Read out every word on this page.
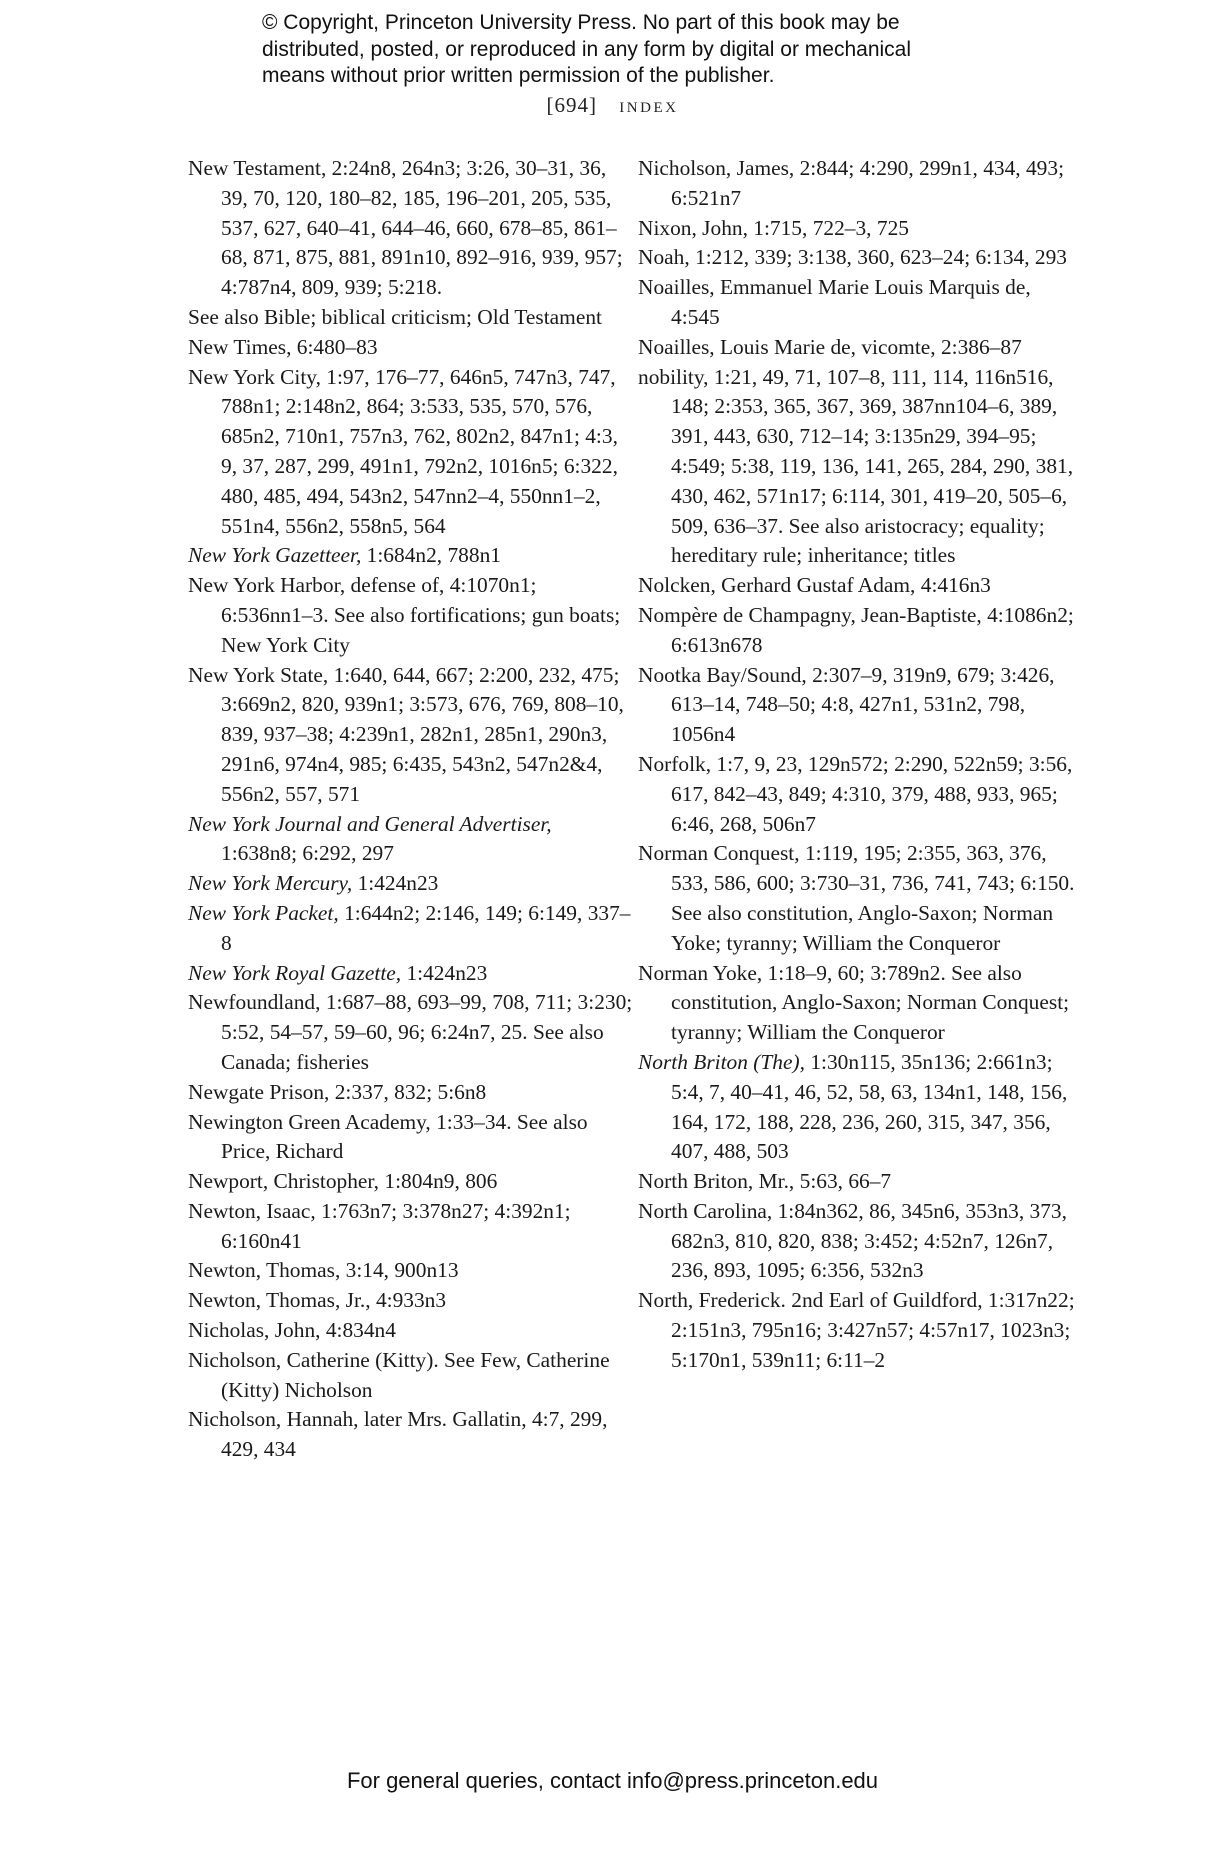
© Copyright, Princeton University Press. No part of this book may be
distributed, posted, or reproduced in any form by digital or mechanical
means without prior written permission of the publisher.
[694] index
New Testament, 2:24n8, 264n3; 3:26, 30–31, 36, 39, 70, 120, 180–82, 185, 196–201, 205, 535, 537, 627, 640–41, 644–46, 660, 678–85, 861–68, 871, 875, 881, 891n10, 892–916, 939, 957; 4:787n4, 809, 939; 5:218.
See also Bible; biblical criticism; Old Testament
New Times, 6:480–83
New York City, 1:97, 176–77, 646n5, 747n3, 747, 788n1; 2:148n2, 864; 3:533, 535, 570, 576, 685n2, 710n1, 757n3, 762, 802n2, 847n1; 4:3, 9, 37, 287, 299, 491n1, 792n2, 1016n5; 6:322, 480, 485, 494, 543n2, 547nn2–4, 550nn1–2, 551n4, 556n2, 558n5, 564
New York Gazetteer, 1:684n2, 788n1
New York Harbor, defense of, 4:1070n1; 6:536nn1–3. See also fortifications; gun boats; New York City
New York State, 1:640, 644, 667; 2:200, 232, 475; 3:669n2, 820, 939n1; 3:573, 676, 769, 808–10, 839, 937–38; 4:239n1, 282n1, 285n1, 290n3, 291n6, 974n4, 985; 6:435, 543n2, 547n2&4, 556n2, 557, 571
New York Journal and General Advertiser, 1:638n8; 6:292, 297
New York Mercury, 1:424n23
New York Packet, 1:644n2; 2:146, 149; 6:149, 337–8
New York Royal Gazette, 1:424n23
Newfoundland, 1:687–88, 693–99, 708, 711; 3:230; 5:52, 54–57, 59–60, 96; 6:24n7, 25. See also Canada; fisheries
Newgate Prison, 2:337, 832; 5:6n8
Newington Green Academy, 1:33–34. See also Price, Richard
Newport, Christopher, 1:804n9, 806
Newton, Isaac, 1:763n7; 3:378n27; 4:392n1; 6:160n41
Newton, Thomas, 3:14, 900n13
Newton, Thomas, Jr., 4:933n3
Nicholas, John, 4:834n4
Nicholson, Catherine (Kitty). See Few, Catherine (Kitty) Nicholson
Nicholson, Hannah, later Mrs. Gallatin, 4:7, 299, 429, 434
Nicholson, James, 2:844; 4:290, 299n1, 434, 493; 6:521n7
Nixon, John, 1:715, 722–3, 725
Noah, 1:212, 339; 3:138, 360, 623–24; 6:134, 293
Noailles, Emmanuel Marie Louis Marquis de, 4:545
Noailles, Louis Marie de, vicomte, 2:386–87
nobility, 1:21, 49, 71, 107–8, 111, 114, 116n516, 148; 2:353, 365, 367, 369, 387nn104–6, 389, 391, 443, 630, 712–14; 3:135n29, 394–95; 4:549; 5:38, 119, 136, 141, 265, 284, 290, 381, 430, 462, 571n17; 6:114, 301, 419–20, 505–6, 509, 636–37. See also aristocracy; equality; hereditary rule; inheritance; titles
Nolcken, Gerhard Gustaf Adam, 4:416n3
Nompère de Champagny, Jean-Baptiste, 4:1086n2; 6:613n678
Nootka Bay/Sound, 2:307–9, 319n9, 679; 3:426, 613–14, 748–50; 4:8, 427n1, 531n2, 798, 1056n4
Norfolk, 1:7, 9, 23, 129n572; 2:290, 522n59; 3:56, 617, 842–43, 849; 4:310, 379, 488, 933, 965; 6:46, 268, 506n7
Norman Conquest, 1:119, 195; 2:355, 363, 376, 533, 586, 600; 3:730–31, 736, 741, 743; 6:150. See also constitution, Anglo-Saxon; Norman Yoke; tyranny; William the Conqueror
Norman Yoke, 1:18–9, 60; 3:789n2. See also constitution, Anglo-Saxon; Norman Conquest; tyranny; William the Conqueror
North Briton (The), 1:30n115, 35n136; 2:661n3; 5:4, 7, 40–41, 46, 52, 58, 63, 134n1, 148, 156, 164, 172, 188, 228, 236, 260, 315, 347, 356, 407, 488, 503
North Briton, Mr., 5:63, 66–7
North Carolina, 1:84n362, 86, 345n6, 353n3, 373, 682n3, 810, 820, 838; 3:452; 4:52n7, 126n7, 236, 893, 1095; 6:356, 532n3
North, Frederick. 2nd Earl of Guildford, 1:317n22; 2:151n3, 795n16; 3:427n57; 4:57n17, 1023n3; 5:170n1, 539n11; 6:11–2
For general queries, contact info@press.princeton.edu
